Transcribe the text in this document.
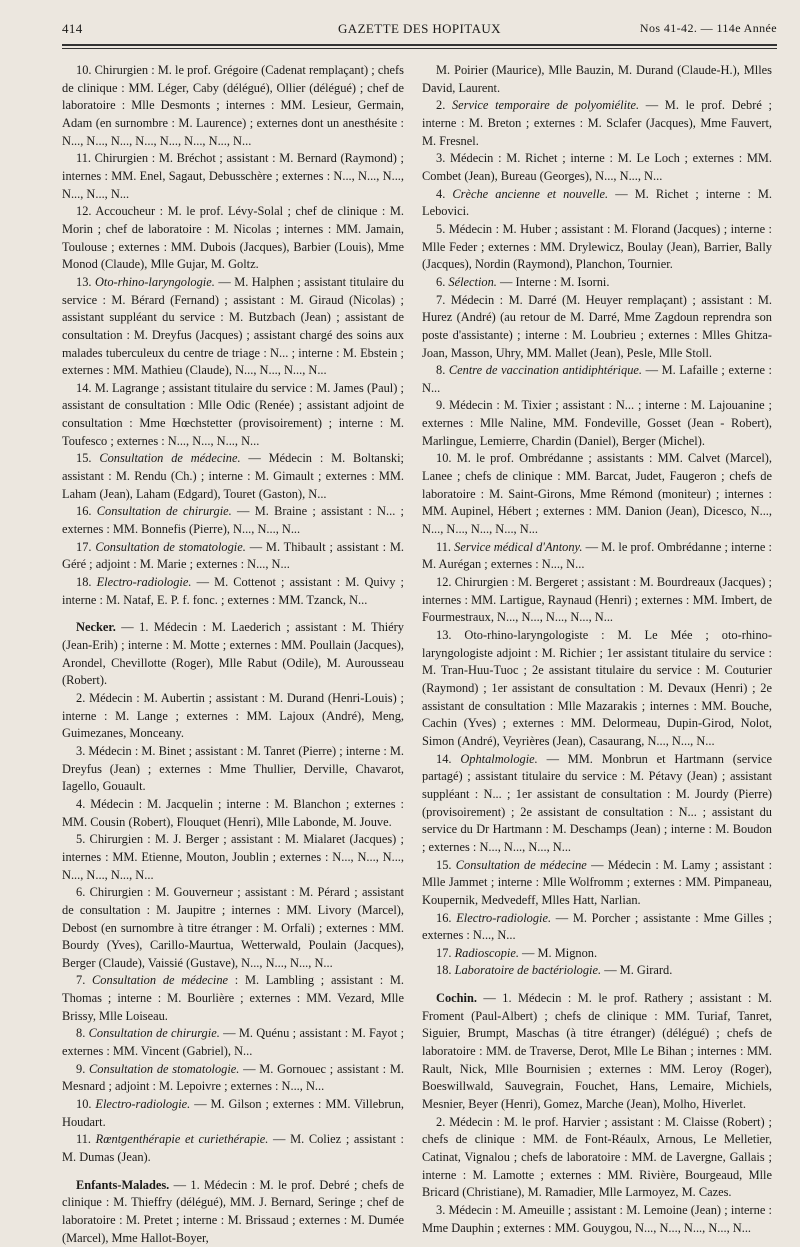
414	GAZETTE DES HOPITAUX	Nos 41-42. — 114e Année

10. Chirurgien : M. le prof. Grégoire (Cadenat remplaçant) ; chefs de clinique : MM. Léger, Caby (délégué), Ollier (délégué) ; chef de laboratoire : Mlle Desmonts ; internes : MM. Lesieur, Germain, Adam (en surnombre : M. Laurence) ; externes dont un anesthésite : N..., N..., N..., N..., N..., N..., N..., N...

11. Chirurgien : M. Bréchot ; assistant : M. Bernard (Raymond) ; internes : MM. Enel, Sagaut, Debusschère ; externes : N..., N..., N..., N..., N..., N...

12. Accoucheur : M. le prof. Lévy-Solal ; chef de clinique : M. Morin ; chef de laboratoire : M. Nicolas ; internes : MM. Jamain, Toulouse ; externes : MM. Dubois (Jacques), Barbier (Louis), Mme Monod (Claude), Mlle Gujar, M. Goltz.

13. Oto-rhino-laryngologie. — M. Halphen ; assistant titulaire du service : M. Bérard (Fernand) ; assistant : M. Giraud (Nicolas) ; assistant suppléant du service : M. Butzbach (Jean) ; assistant de consultation : M. Dreyfus (Jacques) ; assistant chargé des soins aux malades tuberculeux du centre de triage : N... ; interne : M. Ebstein ; externes : MM. Mathieu (Claude), N..., N..., N..., N...

14. M. Lagrange ; assistant titulaire du service : M. James (Paul) ; assistant de consultation : Mlle Odic (Renée) ; assistant adjoint de consultation : Mme Hœchstetter (provisoirement) ; interne : M. Toufesco ; externes : N..., N..., N..., N...

15. Consultation de médecine. — Médecin : M. Boltanski; assistant : M. Rendu (Ch.) ; interne : M. Gimault ; externes : MM. Laham (Jean), Laham (Edgard), Touret (Gaston), N...

16. Consultation de chirurgie. — M. Braine ; assistant : N... ; externes : MM. Bonnefis (Pierre), N..., N..., N...

17. Consultation de stomatologie. — M. Thibault ; assistant : M. Géré ; adjoint : M. Marie ; externes : N..., N...

18. Electro-radiologie. — M. Cottenot ; assistant : M. Quivy ; interne : M. Nataf, E. P. f. fonc. ; externes : MM. Tzanck, N...

Necker. — 1. Médecin : M. Laederich ; assistant : M. Thiéry (Jean-Erih) ; interne : M. Motte ; externes : MM. Poullain (Jacques), Arondel, Chevillotte (Roger), Mlle Rabut (Odile), M. Aurousseau (Robert).

2. Médecin : M. Aubertin ; assistant : M. Durand (Henri-Louis) ; interne : M. Lange ; externes : MM. Lajoux (André), Meng, Guimezanes, Monceany.

3. Médecin : M. Binet ; assistant : M. Tanret (Pierre) ; interne : M. Dreyfus (Jean) ; externes : Mme Thullier, Derville, Chavarot, Iagello, Gouault.

4. Médecin : M. Jacquelin ; interne : M. Blanchon ; externes : MM. Cousin (Robert), Flouquet (Henri), Mlle Labonde, M. Jouve.

5. Chirurgien : M. J. Berger ; assistant : M. Mialaret (Jacques) ; internes : MM. Etienne, Mouton, Joublin ; externes : N..., N..., N..., N..., N..., N..., N...

6. Chirurgien : M. Gouverneur ; assistant : M. Pérard ; assistant de consultation : M. Jaupitre ; internes : MM. Livory (Marcel), Debost (en surnombre à titre étranger : M. Orfali) ; externes : MM. Bourdy (Yves), Carillo-Maurtua, Wetterwald, Poulain (Jacques), Berger (Claude), Vaissié (Gustave), N..., N..., N..., N...

7. Consultation de médecine : M. Lambling ; assistant : M. Thomas ; interne : M. Bourlière ; externes : MM. Vezard, Mlle Brissy, Mlle Loiseau.

8. Consultation de chirurgie. — M. Quénu ; assistant : M. Fayot ; externes : MM. Vincent (Gabriel), N...

9. Consultation de stomatologie. — M. Gornouec ; assistant : M. Mesnard ; adjoint : M. Lepoivre ; externes : N..., N...

10. Electro-radiologie. — M. Gilson ; externes : MM. Villebrun, Houdart.

11. Rœntgenthérapie et curiethérapie. — M. Coliez ; assistant : M. Dumas (Jean).

Enfants-Malades. — 1. Médecin : M. le prof. Debré ; chefs de clinique : M. Thieffry (délégué), MM. J. Bernard, Seringe ; chef de laboratoire : M. Pretet ; interne : M. Brissaud ; externes : M. Dumée (Marcel), Mme Hallot-Boyer,

M. Poirier (Maurice), Mlle Bauzin, M. Durand (Claude-H.), Mlles David, Laurent.

2. Service temporaire de polyomiélite. — M. le prof. Debré ; interne : M. Breton ; externes : M. Sclafer (Jacques), Mme Fauvert, M. Fresnel.

3. Médecin : M. Richet ; interne : M. Le Loch ; externes : MM. Combet (Jean), Bureau (Georges), N..., N..., N...

4. Crèche ancienne et nouvelle. — M. Richet ; interne : M. Lebovici.

5. Médecin : M. Huber ; assistant : M. Florand (Jacques) ; interne : Mlle Feder ; externes : MM. Drylewicz, Boulay (Jean), Barrier, Bally (Jacques), Nordin (Raymond), Planchon, Tournier.

6. Sélection. — Interne : M. Isorni.

7. Médecin : M. Darré (M. Heuyer remplaçant) ; assistant : M. Hurez (André) (au retour de M. Darré, Mme Zagdoun reprendra son poste d'assistante) ; interne : M. Loubrieu ; externes : Mlles Ghitza-Joan, Masson, Uhry, MM. Mallet (Jean), Pesle, Mlle Stoll.

8. Centre de vaccination antidiphtérique. — M. Lafaille ; externe : N...

9. Médecin : M. Tixier ; assistant : N... ; interne : M. Lajouanine ; externes : Mlle Naline, MM. Fondeville, Gosset (Jean - Robert), Marlingue, Lemierre, Chardin (Daniel), Berger (Michel).

10. M. le prof. Ombrédanne ; assistants : MM. Calvet (Marcel), Lanee ; chefs de clinique : MM. Barcat, Judet, Faugeron ; chefs de laboratoire : M. Saint-Girons, Mme Rémond (moniteur) ; internes : MM. Aupinel, Hébert ; externes : MM. Danion (Jean), Dicesco, N..., N..., N..., N..., N..., N...

11. Service médical d'Antony. — M. le prof. Ombrédanne ; interne : M. Aurégan ; externes : N..., N...

12. Chirurgien : M. Bergeret ; assistant : M. Bourdreaux (Jacques) ; internes : MM. Lartigue, Raynaud (Henri) ; externes : MM. Imbert, de Fourmestraux, N..., N..., N..., N..., N...

13. Oto-rhino-laryngologiste : M. Le Mée ; oto-rhino-laryngologiste adjoint : M. Richier ; 1er assistant titulaire du service : M. Tran-Huu-Tuoc ; 2e assistant titulaire du service : M. Couturier (Raymond) ; 1er assistant de consultation : M. Devaux (Henri) ; 2e assistant de consultation : Mlle Mazarakis ; internes : MM. Bouche, Cachin (Yves) ; externes : MM. Delormeau, Dupin-Girod, Nolot, Simon (André), Veyrières (Jean), Casaurang, N..., N..., N...

14. Ophtalmologie. — MM. Monbrun et Hartmann (service partagé) ; assistant titulaire du service : M. Pétavy (Jean) ; assistant suppléant : N... ; 1er assistant de consultation : M. Jourdy (Pierre) (provisoirement) ; 2e assistant de consultation : N... ; assistant du service du Dr Hartmann : M. Deschamps (Jean) ; interne : M. Boudon ; externes : N..., N..., N..., N...

15. Consultation de médecine — Médecin : M. Lamy ; assistant : Mlle Jammet ; interne : Mlle Wolfromm ; externes : MM. Pimpaneau, Koupernik, Medvedeff, Mlles Hatt, Narlian.

16. Electro-radiologie. — M. Porcher ; assistante : Mme Gilles ; externes : N..., N...

17. Radioscopie. — M. Mignon.

18. Laboratoire de bactériologie. — M. Girard.

Cochin. — 1. Médecin : M. le prof. Rathery ; assistant : M. Froment (Paul-Albert) ; chefs de clinique : MM. Turiaf, Tanret, Siguier, Brumpt, Maschas (à titre étranger) (délégué) ; chefs de laboratoire : MM. de Traverse, Derot, Mlle Le Bihan ; internes : MM. Rault, Nick, Mlle Bournisien ; externes : MM. Leroy (Roger), Boeswillwald, Sauvegrain, Fouchet, Hans, Lemaire, Michiels, Mesnier, Beyer (Henri), Gomez, Marche (Jean), Molho, Hiverlet.

2. Médecin : M. le prof. Harvier ; assistant : M. Claisse (Robert) ; chefs de clinique : MM. de Font-Réaulx, Arnous, Le Melletier, Catinat, Vignalou ; chefs de laboratoire : MM. de Lavergne, Gallais ; interne : M. Lamotte ; externes : MM. Rivière, Bourgeaud, Mlle Bricard (Christiane), M. Ramadier, Mlle Larmoyez, M. Cazes.

3. Médecin : M. Ameuille ; assistant : M. Lemoine (Jean) ; interne : Mme Dauphin ; externes : MM. Gouygou, N..., N..., N..., N..., N...
